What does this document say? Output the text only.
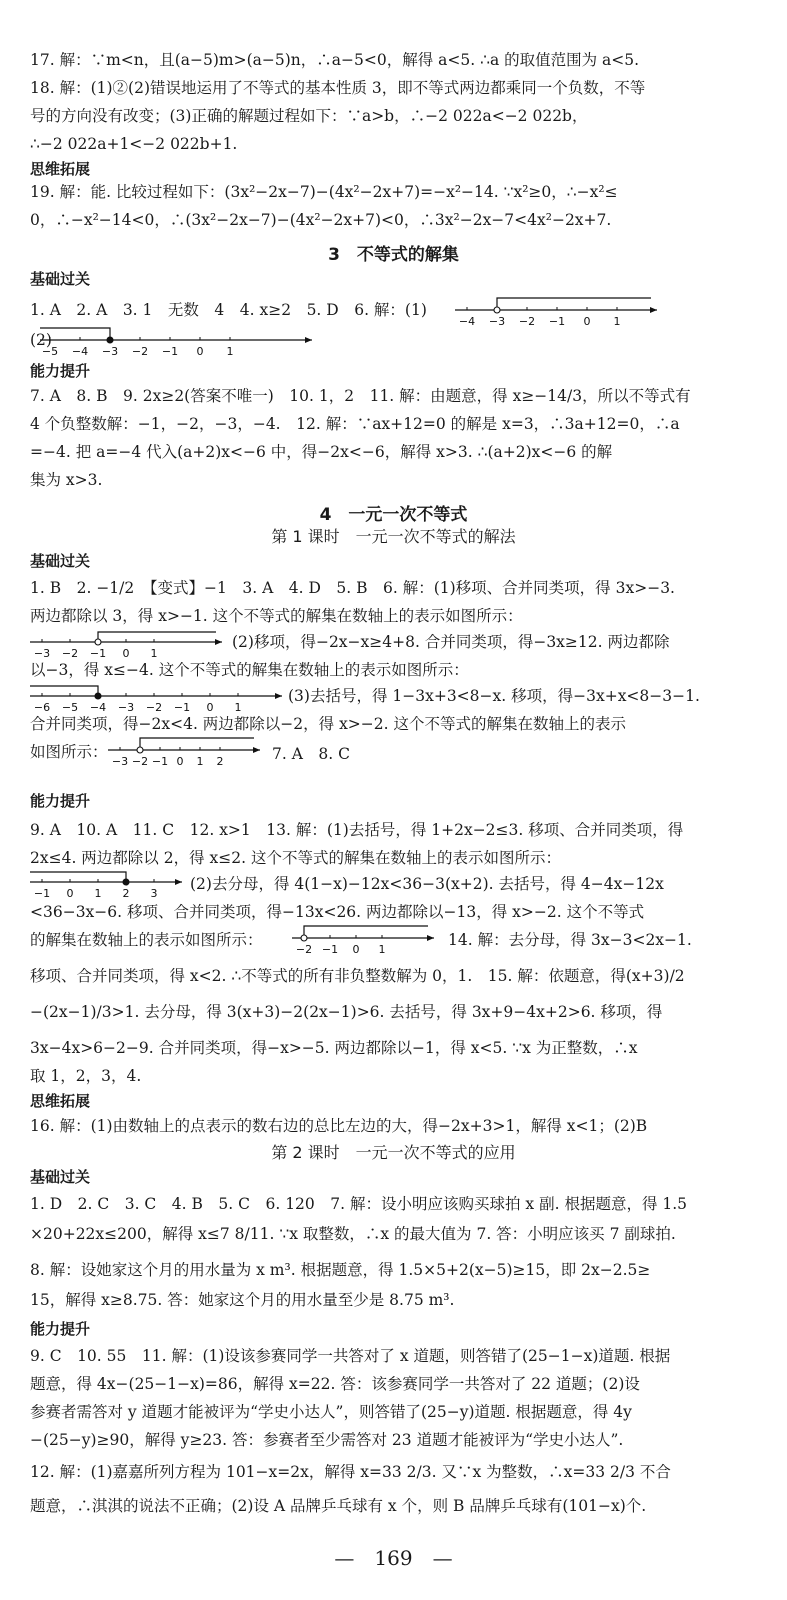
17. 解：∵m<n，且(a−5)m>(a−5)n，∴a−5<0，解得 a<5. ∴a 的取值范围为 a<5.
18. 解：(1)②(2)错误地运用了不等式的基本性质 3，即不等式两边都乘同一个负数，不等
号的方向没有改变；(3)正确的解题过程如下：∵a>b，∴−2 022a<−2 022b，
∴−2 022a+1<−2 022b+1.
思维拓展
19. 解：能. 比较过程如下：(3x²−2x−7)−(4x²−2x+7)=−x²−14. ∵x²≥0，∴−x²≤
0，∴−x²−14<0，∴(3x²−2x−7)−(4x²−2x+7)<0，∴3x²−2x−7<4x²−2x+7.
3　不等式的解集
基础过关
1. A　2. A　3. 1　无数　4　4. x≥2　5. D　6. 解：(1)
−4 −3 −2 −1 0 1
(2)
−5 −4 −3 −2 −1 0 1
能力提升
7. A　8. B　9. 2x≥2(答案不唯一)　10. 1，2　11. 解：由题意，得 x≥−14/3，所以不等式有
4 个负整数解：−1，−2，−3，−4.　12. 解：∵ax+12=0 的解是 x=3，∴3a+12=0，∴a
=−4. 把 a=−4 代入(a+2)x<−6 中，得−2x<−6，解得 x>3. ∴(a+2)x<−6 的解
集为 x>3.
4　一元一次不等式
第 1 课时　一元一次不等式的解法
基础过关
1. B　2. −1/2　【变式】−1　3. A　4. D　5. B　6. 解：(1)移项、合并同类项，得 3x>−3.
两边都除以 3，得 x>−1. 这个不等式的解集在数轴上的表示如图所示：
−3 −2 −1 0 1
(2)移项，得−2x−x≥4+8. 合并同类项，得−3x≥12. 两边都除
以−3，得 x≤−4. 这个不等式的解集在数轴上的表示如图所示：
−6 −5 −4 −3 −2 −1 0 1
(3)去括号，得 1−3x+3<8−x. 移项，得−3x+x<8−3−1.
合并同类项，得−2x<4. 两边都除以−2，得 x>−2. 这个不等式的解集在数轴上的表示
如图所示：
−3 −2 −1 0 1 2	7. A　8. C
能力提升
9. A　10. A　11. C　12. x>1　13. 解：(1)去括号，得 1+2x−2≤3. 移项、合并同类项，得
2x≤4. 两边都除以 2，得 x≤2. 这个不等式的解集在数轴上的表示如图所示：
−1 0 1 2 3
(2)去分母，得 4(1−x)−12x<36−3(x+2). 去括号，得 4−4x−12x
<36−3x−6. 移项、合并同类项，得−13x<26. 两边都除以−13，得 x>−2. 这个不等式
的解集在数轴上的表示如图所示：
−2 −1 0 1
14. 解：去分母，得 3x−3<2x−1.
移项、合并同类项，得 x<2. ∴不等式的所有非负整数解为 0，1.　15. 解：依题意，得(x+3)/2
−(2x−1)/3>1. 去分母，得 3(x+3)−2(2x−1)>6. 去括号，得 3x+9−4x+2>6. 移项，得
3x−4x>6−2−9. 合并同类项，得−x>−5. 两边都除以−1，得 x<5. ∵x 为正整数，∴x
取 1，2，3，4.
思维拓展
16. 解：(1)由数轴上的点表示的数右边的总比左边的大，得−2x+3>1，解得 x<1；(2)B
第 2 课时　一元一次不等式的应用
基础过关
1. D　2. C　3. C　4. B　5. C　6. 120　7. 解：设小明应该购买球拍 x 副. 根据题意，得 1.5
×20+22x≤200，解得 x≤7 8/11. ∵x 取整数，∴x 的最大值为 7. 答：小明应该买 7 副球拍.
8. 解：设她家这个月的用水量为 x m³. 根据题意，得 1.5×5+2(x−5)≥15，即 2x−2.5≥
15，解得 x≥8.75. 答：她家这个月的用水量至少是 8.75 m³.
能力提升
9. C　10. 55　11. 解：(1)设该参赛同学一共答对了 x 道题，则答错了(25−1−x)道题. 根据
题意，得 4x−(25−1−x)=86，解得 x=22. 答：该参赛同学一共答对了 22 道题；(2)设
参赛者需答对 y 道题才能被评为“学史小达人”，则答错了(25−y)道题. 根据题意，得 4y
−(25−y)≥90，解得 y≥23. 答：参赛者至少需答对 23 道题才能被评为“学史小达人”.
12. 解：(1)嘉嘉所列方程为 101−x=2x，解得 x=33 2/3. 又∵x 为整数，∴x=33 2/3 不合
题意，∴淇淇的说法不正确；(2)设 A 品牌乒乓球有 x 个，则 B 品牌乒乓球有(101−x)个.
—　169　—
